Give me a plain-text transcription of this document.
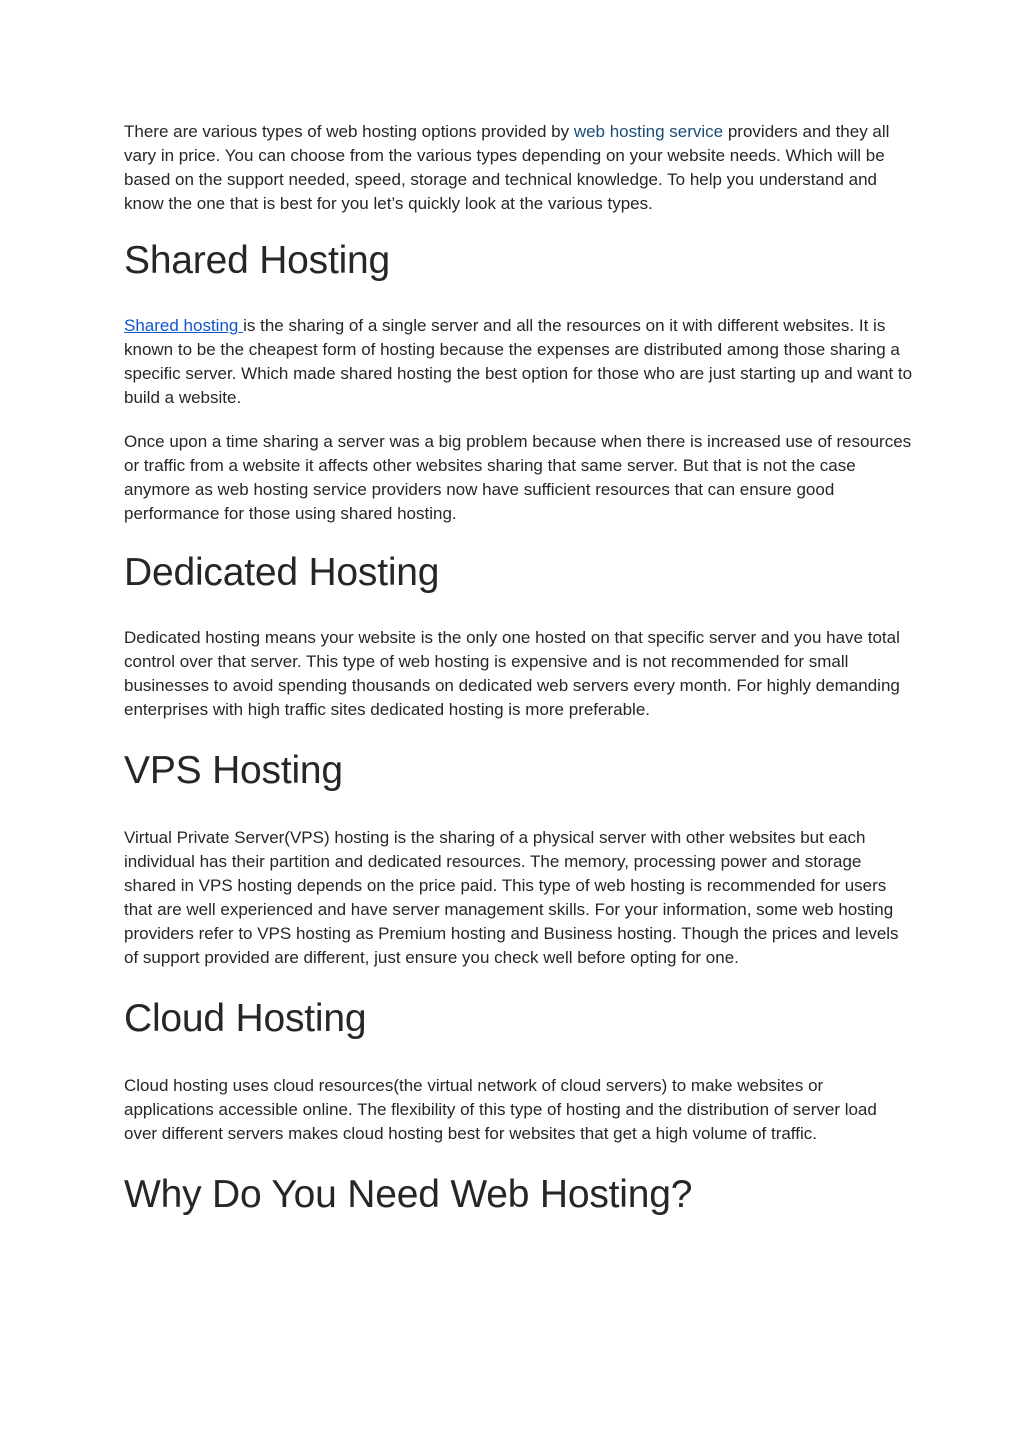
There are various types of web hosting options provided by web hosting service providers and they all vary in price. You can choose from the various types depending on your website needs. Which will be based on the support needed, speed, storage and technical knowledge. To help you understand and know the one that is best for you let’s quickly look at the various types.

Shared Hosting

Shared hosting is the sharing of a single server and all the resources on it with different websites. It is known to be the cheapest form of hosting because the expenses are distributed among those sharing a specific server. Which made shared hosting the best option for those who are just starting up and want to build a website.

Once upon a time sharing a server was a big problem because when there is increased use of resources or traffic from a website it affects other websites sharing that same server. But that is not the case anymore as web hosting service providers now have sufficient resources that can ensure good performance for those using shared hosting.

Dedicated Hosting

Dedicated hosting means your website is the only one hosted on that specific server and you have total control over that server. This type of web hosting is expensive and is not recommended for small businesses to avoid spending thousands on dedicated web servers every month. For highly demanding enterprises with high traffic sites dedicated hosting is more preferable.

VPS Hosting

Virtual Private Server(VPS) hosting is the sharing of a physical server with other websites but each individual has their partition and dedicated resources. The memory, processing power and storage shared in VPS hosting depends on the price paid. This type of web hosting is recommended for users that are well experienced and have server management skills. For your information, some web hosting providers refer to VPS hosting as Premium hosting and Business hosting. Though the prices and levels of support provided are different, just ensure you check well before opting for one.

Cloud Hosting

Cloud hosting uses cloud resources(the virtual network of cloud servers) to make websites or applications accessible online. The flexibility of this type of hosting and the distribution of server load over different servers makes cloud hosting best for websites that get a high volume of traffic.

Why Do You Need Web Hosting?
